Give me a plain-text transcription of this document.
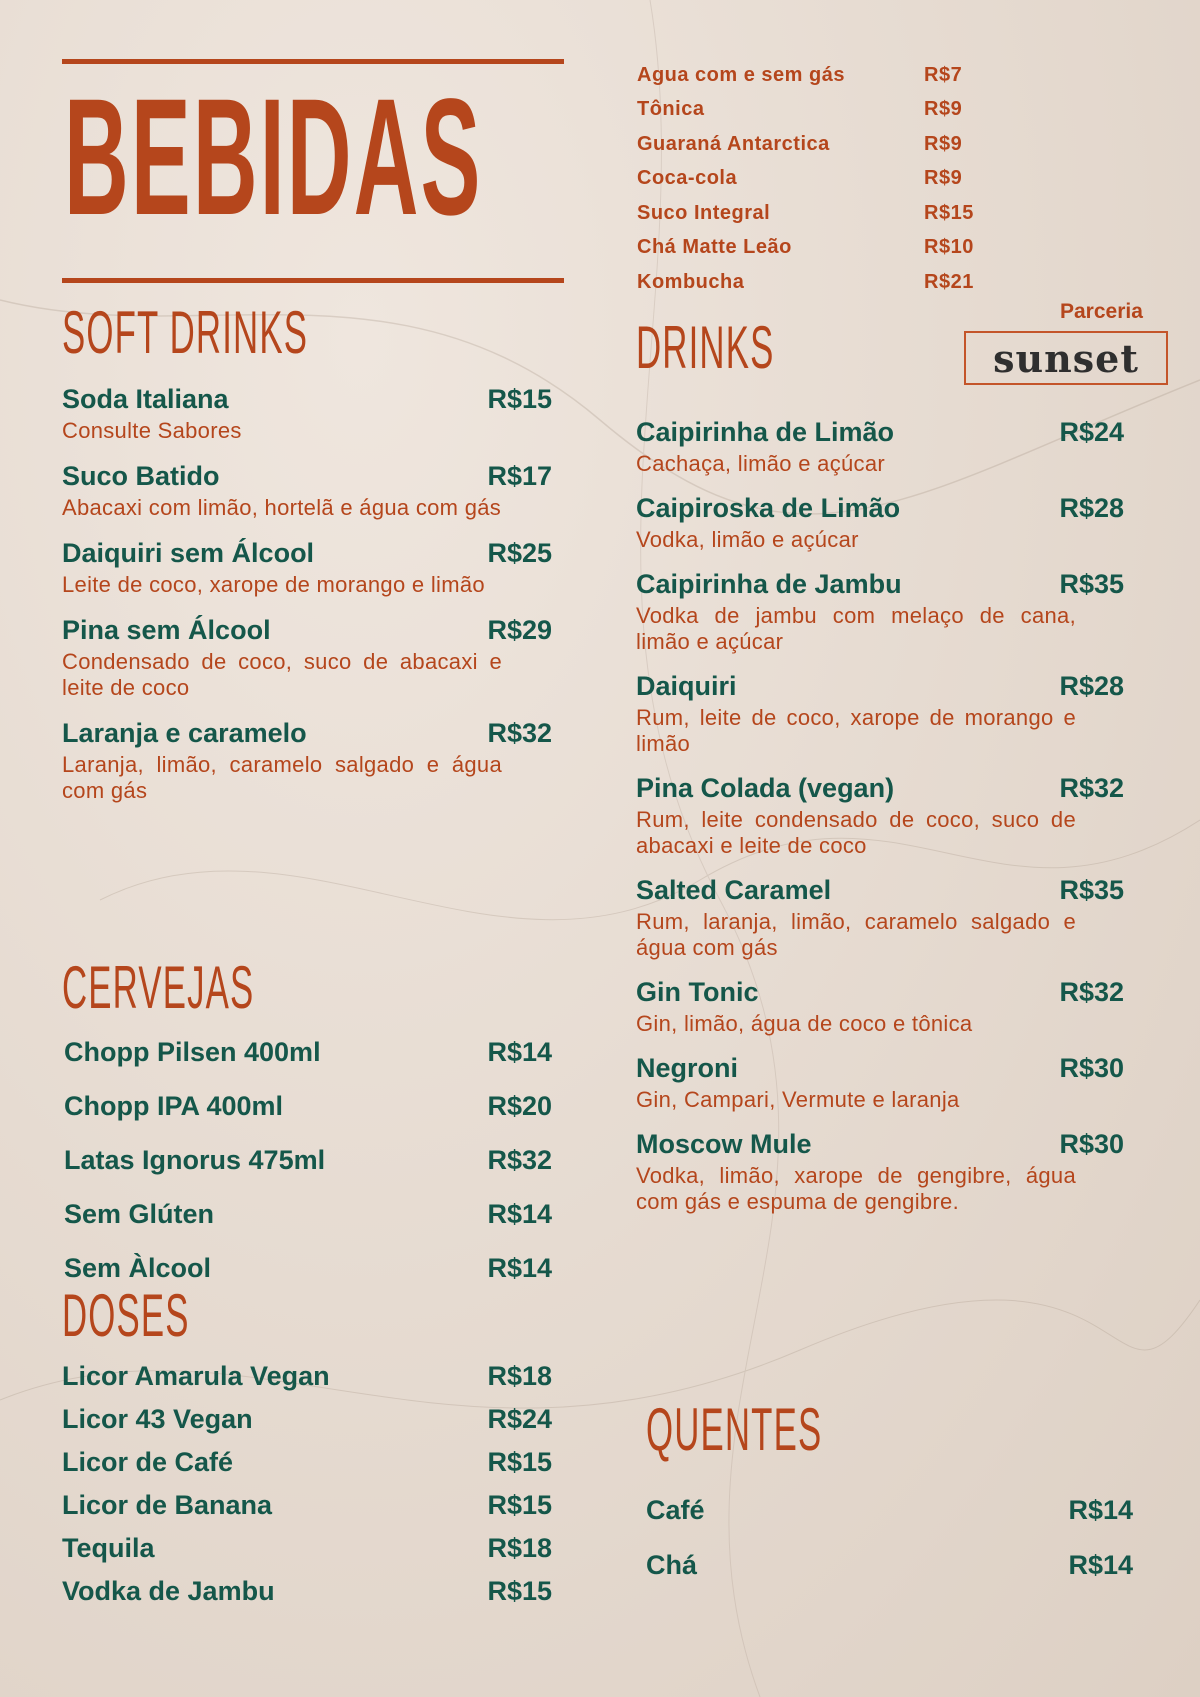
BEBIDAS
SOFT DRINKS
Soda Italiana	R$15
Consulte Sabores
Suco Batido	R$17
Abacaxi com limão, hortelã e água com gás
Daiquiri sem Álcool	R$25
Leite de coco, xarope de morango e limão
Pina sem Álcool	R$29
Condensado de coco, suco de abacaxi e leite de coco
Laranja e caramelo	R$32
Laranja, limão, caramelo salgado e água com gás
CERVEJAS
Chopp Pilsen 400ml	R$14
Chopp IPA 400ml	R$20
Latas Ignorus 475ml	R$32
Sem Glúten	R$14
Sem Àlcool	R$14
DOSES
Licor Amarula Vegan	R$18
Licor 43 Vegan	R$24
Licor de Café	R$15
Licor de Banana	R$15
Tequila	R$18
Vodka de Jambu	R$15
Agua com e sem gás	R$7
Tônica	R$9
Guaraná Antarctica	R$9
Coca-cola	R$9
Suco Integral	R$15
Chá Matte Leão	R$10
Kombucha	R$21
Parceria
sunset
DRINKS
Caipirinha de Limão	R$24
Cachaça, limão e açúcar
Caipiroska de Limão	R$28
Vodka, limão e açúcar
Caipirinha de Jambu	R$35
Vodka de jambu com melaço de cana, limão e açúcar
Daiquiri	R$28
Rum, leite de coco, xarope de morango e limão
Pina Colada (vegan)	R$32
Rum, leite condensado de coco, suco de abacaxi e leite de coco
Salted Caramel	R$35
Rum, laranja, limão, caramelo salgado e água com gás
Gin Tonic	R$32
Gin, limão, água de coco e tônica
Negroni	R$30
Gin, Campari, Vermute e laranja
Moscow Mule	R$30
Vodka, limão, xarope de gengibre, água com gás e espuma de gengibre.
QUENTES
Café	R$14
Chá	R$14
